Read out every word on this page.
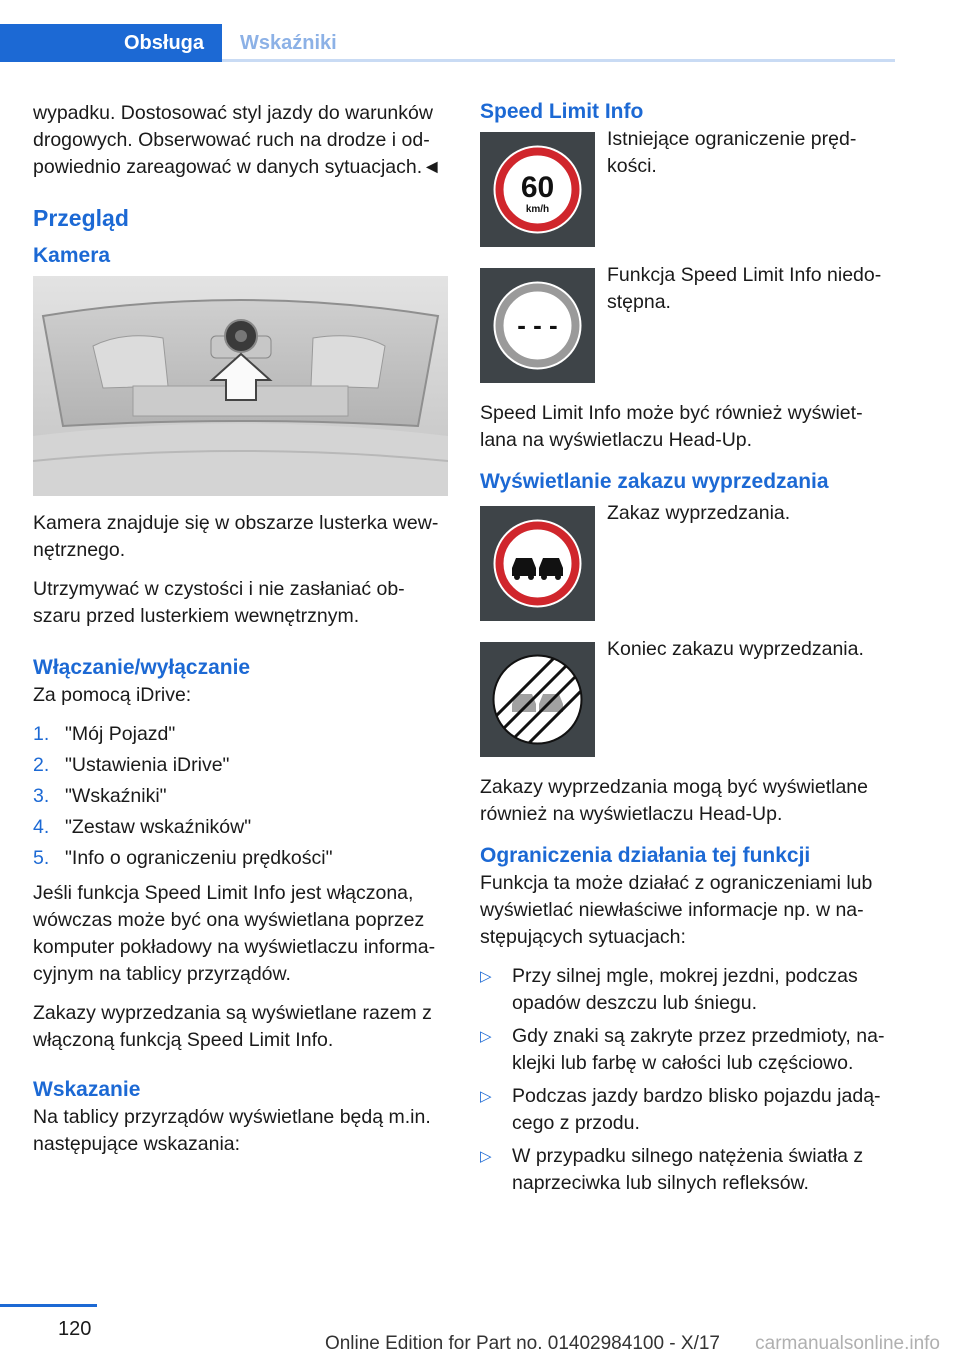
Obsługa	Wskaźniki

wypadku. Dostosować styl jazdy do warunków drogowych. Obserwować ruch na drodze i od-powiednio zareagować w danych sytuacjach.◄

Przegląd
Kamera

Kamera znajduje się w obszarze lusterka wew-nętrznego.

Utrzymywać w czystości i nie zasłaniać ob-szaru przed lusterkiem wewnętrznym.

Włączanie/wyłączanie

Za pomocą iDrive:

1. "Mój Pojazd"
2. "Ustawienia iDrive"
3. "Wskaźniki"
4. "Zestaw wskaźników"
5. "Info o ograniczeniu prędkości"

Jeśli funkcja Speed Limit Info jest włączona, wówczas może być ona wyświetlana poprzez komputer pokładowy na wyświetlaczu informa-cyjnym na tablicy przyrządów.

Zakazy wyprzedzania są wyświetlane razem z włączoną funkcją Speed Limit Info.

Wskazanie

Na tablicy przyrządów wyświetlane będą m.in. następujące wskazania:

Speed Limit Info
60
km/h
Istniejące ograniczenie pręd-kości.
- - -
Funkcja Speed Limit Info niedo-stępna.

Speed Limit Info może być również wyświet-lana na wyświetlaczu Head-Up.

Wyświetlanie zakazu wyprzedzania
Zakaz wyprzedzania.
Koniec zakazu wyprzedzania.

Zakazy wyprzedzania mogą być wyświetlane również na wyświetlaczu Head-Up.

Ograniczenia działania tej funkcji

Funkcja ta może działać z ograniczeniami lub wyświetlać niewłaściwe informacje np. w na-stępujących sytuacjach:

▷ Przy silnej mgle, mokrej jezdni, podczas opadów deszczu lub śniegu.
▷ Gdy znaki są zakryte przez przedmioty, na-klejki lub farbę w całości lub częściowo.
▷ Podczas jazdy bardzo blisko pojazdu jadą-cego z przodu.
▷ W przypadku silnego natężenia światła z naprzeciwka lub silnych refleksów.
120
Online Edition for Part no. 01402984100 - X/17 carmanualsonline.info
